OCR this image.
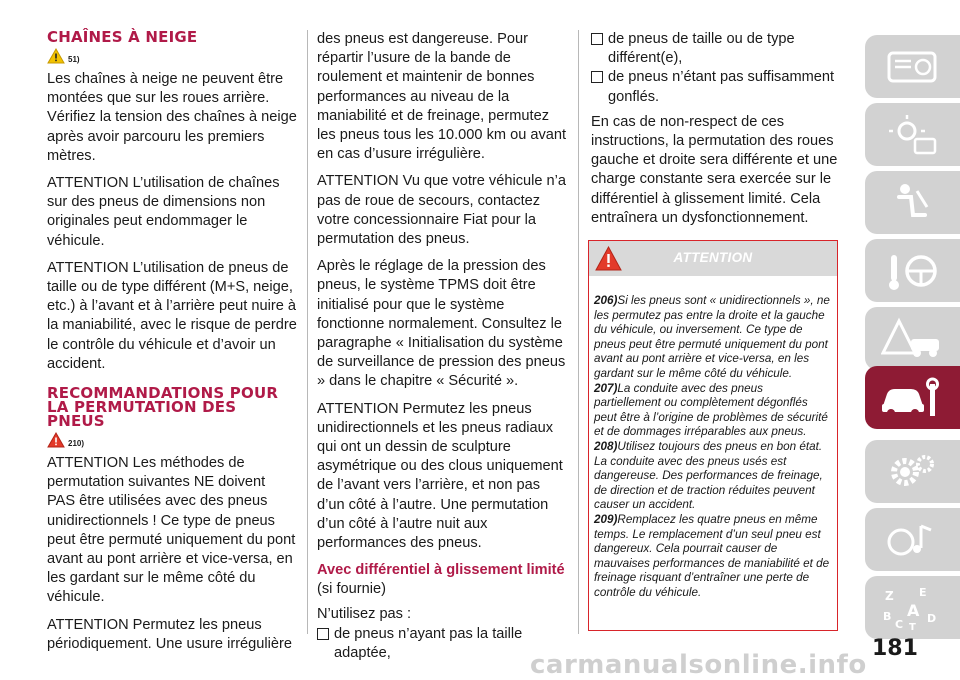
CHAÎNES À NEIGE
51)

Les chaînes à neige ne peuvent être montées que sur les roues arrière. Vérifiez la tension des chaînes à neige après avoir parcouru les premiers mètres.

ATTENTION L’utilisation de chaînes sur des pneus de dimensions non originales peut endommager le véhicule.

ATTENTION L’utilisation de pneus de taille ou de type différent (M+S, neige, etc.) à l’avant et à l’arrière peut nuire à la maniabilité, avec le risque de perdre le contrôle du véhicule et d’avoir un accident.

RECOMMANDATIONS POUR LA PERMUTATION DES PNEUS
210)

ATTENTION Les méthodes de permutation suivantes NE doivent PAS être utilisées avec des pneus unidirectionnels ! Ce type de pneus peut être permuté uniquement du pont avant au pont arrière et vice-versa, en les gardant sur le même côté du véhicule.

ATTENTION Permutez les pneus périodiquement. Une usure irrégulière

des pneus est dangereuse. Pour répartir l’usure de la bande de roulement et maintenir de bonnes performances au niveau de la maniabilité et de freinage, permutez les pneus tous les 10.000 km ou avant en cas d’usure irrégulière.

ATTENTION Vu que votre véhicule n’a pas de roue de secours, contactez votre concessionnaire Fiat pour la permutation des pneus.

Après le réglage de la pression des pneus, le système TPMS doit être initialisé pour que le système fonctionne normalement. Consultez le paragraphe « Initialisation du système de surveillance de pression des pneus » dans le chapitre « Sécurité ».

ATTENTION Permutez les pneus unidirectionnels et les pneus radiaux qui ont un dessin de sculpture asymétrique ou des clous uniquement de l’avant vers l’arrière, et non pas d’un côté à l’autre. Une permutation d’un côté à l’autre nuit aux performances des pneus.

Avec différentiel à glissement limité

(si fournie)

N’utilisez pas :

de pneus n’ayant pas la taille adaptée,
de pneus de taille ou de type différent(e),
de pneus n’étant pas suffisamment gonflés.

En cas de non-respect de ces instructions, la permutation des roues gauche et droite sera différente et une charge constante sera exercée sur le différentiel à glissement limité. Cela entraînera un dysfonctionnement.

ATTENTION
206)Si les pneus sont « unidirectionnels », ne les permutez pas entre la droite et la gauche du véhicule, ou inversement. Ce type de pneus peut être permuté uniquement du pont avant au pont arrière et vice-versa, en les gardant sur le même côté du véhicule.
207)La conduite avec des pneus partiellement ou complètement dégonflés peut être à l’origine de problèmes de sécurité et de dommages irréparables aux pneus.
208)Utilisez toujours des pneus en bon état. La conduite avec des pneus usés est dangereuse. Des performances de freinage, de direction et de traction réduites peuvent causer un accident.
209)Remplacez les quatre pneus en même temps. Le remplacement d’un seul pneu est dangereux. Cela pourrait causer de mauvaises performances de maniabilité et de freinage risquant d’entraîner une perte de contrôle du véhicule.	Z E
A
B
C T
D
181
carmanualsonline.info
